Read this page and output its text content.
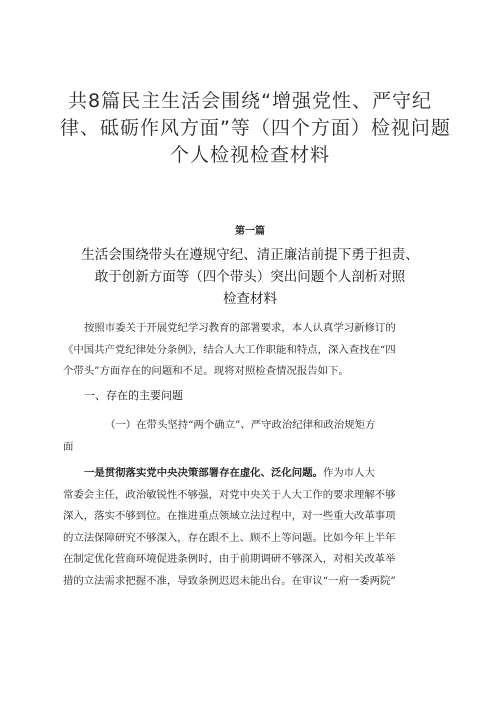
共8篇民主生活会围绕“增强党性、严守纪
律、砥砺作风方面”等（四个方面）检视问题
个人检视检查材料
第一篇
生活会围绕带头在遵规守纪、清正廉洁前提下勇于担责、
敢于创新方面等（四个带头）突出问题个人剖析对照
检查材料
按照市委关于开展党纪学习教育的部署要求，本人认真学习新修订的
《中国共产党纪律处分条例》，结合人大工作职能和特点，深入查找在“四
个带头”方面存在的问题和不足。现将对照检查情况报告如下。
一、存在的主要问题
（一）在带头坚持“两个确立”、严守政治纪律和政治规矩方
面
一是贯彻落实党中央决策部署存在虚化、泛化问题。作为市人大
常委会主任，政治敏锐性不够强，对党中央关于人大工作的要求理解不够
深入，落实不够到位。在推进重点领域立法过程中，对一些重大改革事项
的立法保障研究不够深入，存在跟不上、顾不上等问题。比如今年上半年
在制定优化营商环境促进条例时，由于前期调研不够深入，对相关改革举
措的立法需求把握不准，导致条例迟迟未能出台。在审议“一府一委两院”
